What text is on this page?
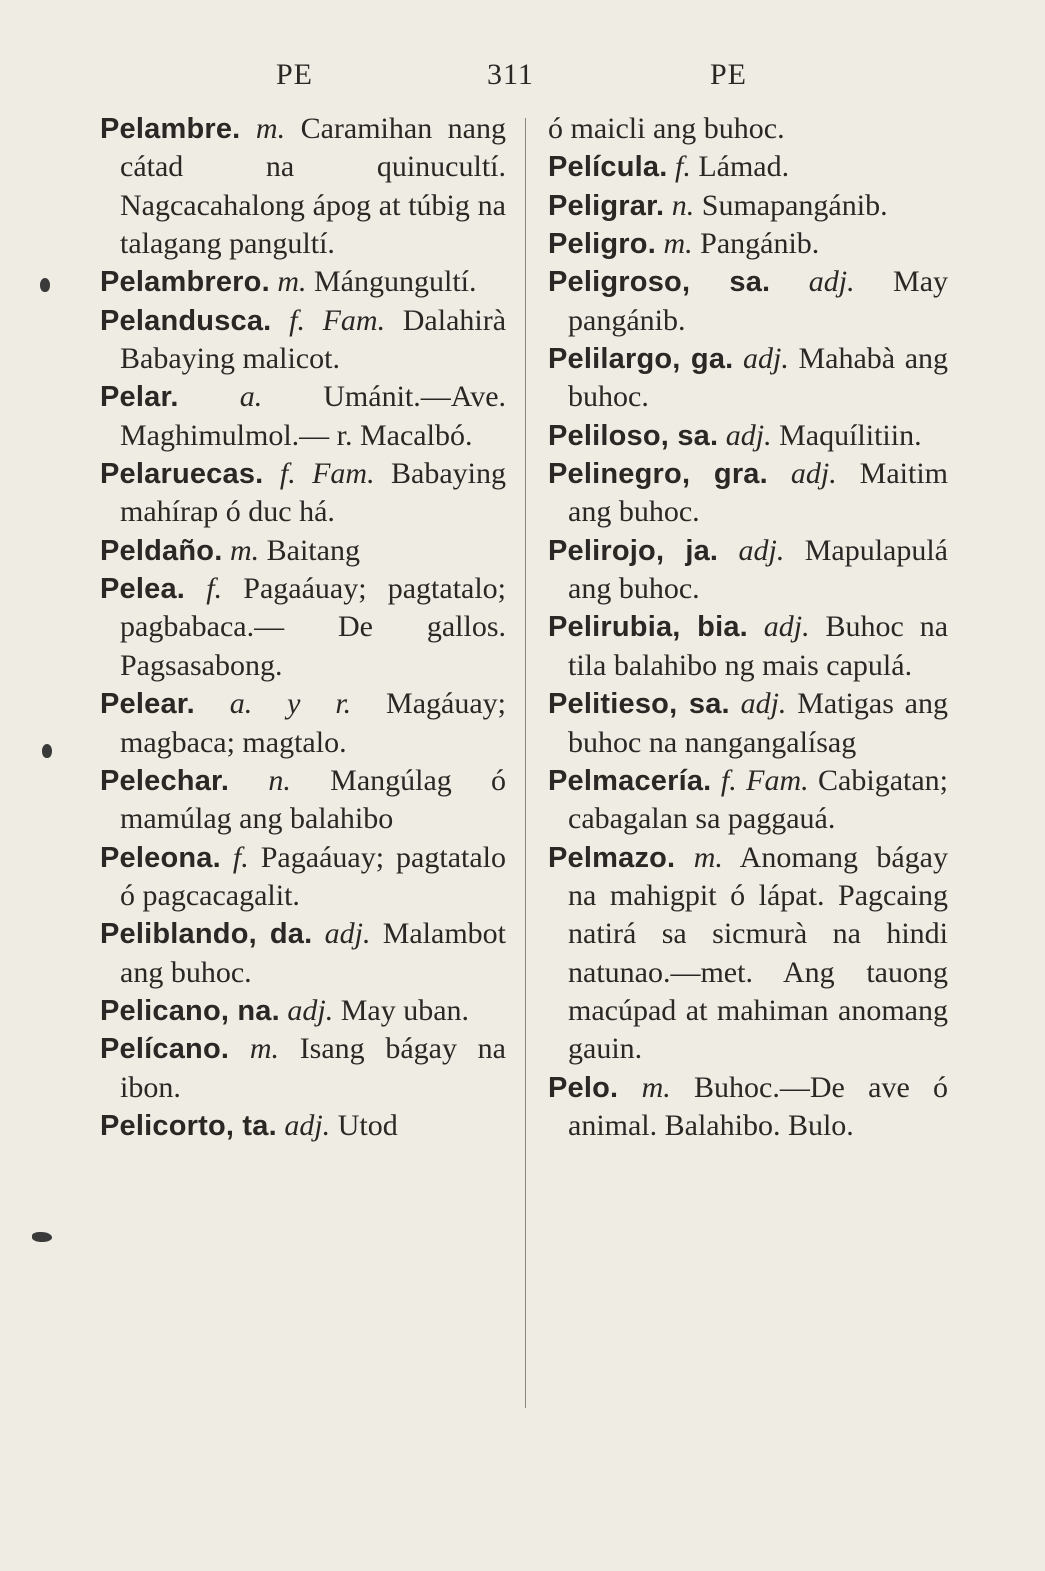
PE	311	PE

Pelambre. m. Caramihan nang cátad na quinucultí. Nagcacahalong ápog at túbig na talagang pangultí.

Pelambrero. m. Mángungultí.

Pelandusca. f. Fam. Dalahirà Babaying malicot.

Pelar. a. Umánit.—Ave. Maghimulmol.— r. Macalbó.

Pelaruecas. f. Fam. Babaying mahírap ó duc há.

Peldaño. m. Baitang

Pelea. f. Pagaáuay; pagtatalo; pagbabaca.— De gallos. Pagsasabong.

Pelear. a. y r. Magáuay; magbaca; magtalo.

Pelechar. n. Mangúlag ó mamúlag ang balahibo

Peleona. f. Pagaáuay; pagtatalo ó pagcacagalit.

Peliblando, da. adj. Malambot ang buhoc.

Pelicano, na. adj. May uban.

Pelícano. m. Isang bágay na ibon.

Pelicorto, ta. adj. Utod

ó maicli ang buhoc.

Película. f. Lámad.

Peligrar. n. Sumapangánib.

Peligro. m. Pangánib.

Peligroso, sa. adj. May pangánib.

Pelilargo, ga. adj. Mahabà ang buhoc.

Peliloso, sa. adj. Maquílitiin.

Pelinegro, gra. adj. Maitim ang buhoc.

Pelirojo, ja. adj. Mapulapulá ang buhoc.

Pelirubia, bia. adj. Buhoc na tila balahibo ng mais capulá.

Pelitieso, sa. adj. Matigas ang buhoc na nangangalísag

Pelmacería. f. Fam. Cabigatan; cabagalan sa paggauá.

Pelmazo. m. Anomang bágay na mahigpit ó lápat. Pagcaing natirá sa sicmurà na hindi natunao.—met. Ang tauong macúpad at mahiman anomang gauin.

Pelo. m. Buhoc.—De ave ó animal. Balahibo. Bulo.
